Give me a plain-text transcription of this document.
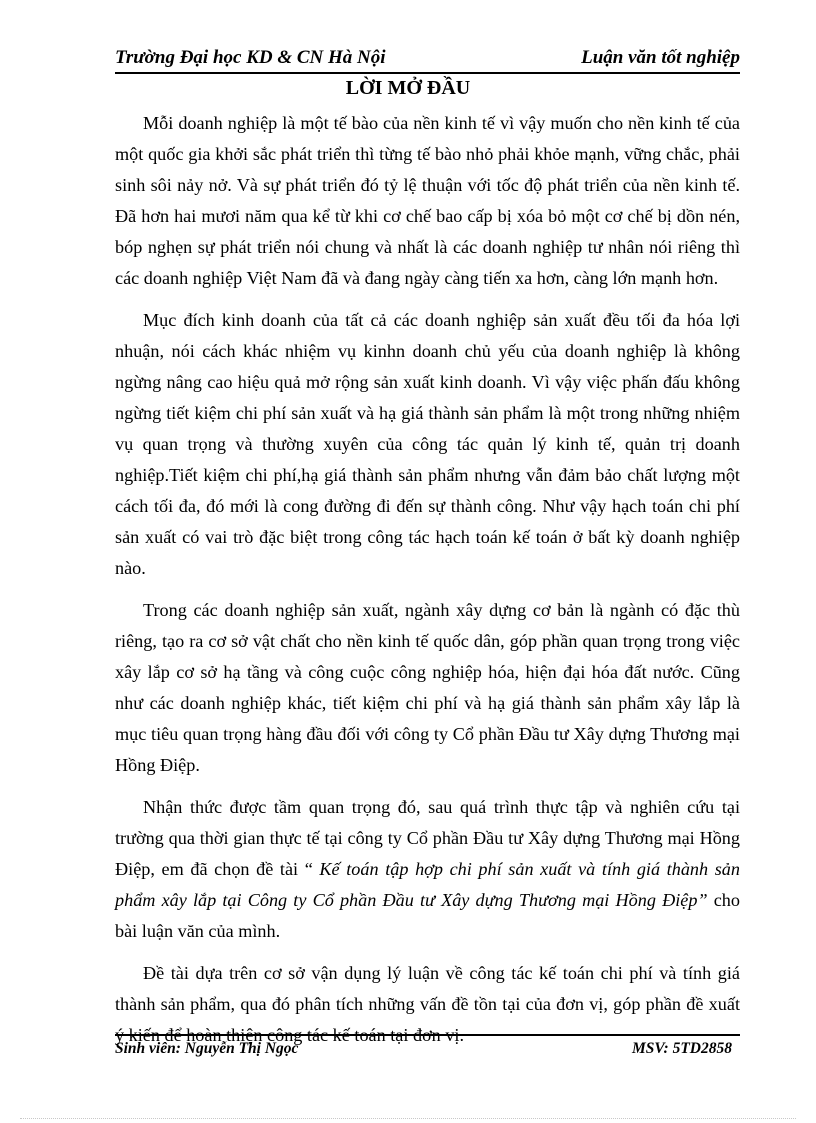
Trường Đại học KD & CN Hà Nội	Luận văn tốt nghiệp
LỜI MỞ ĐẦU

Mỗi doanh nghiệp là một tế bào của nền kinh tế vì vậy muốn cho nền kinh tế của một quốc gia khởi sắc phát triển thì từng tế bào nhỏ phải khỏe mạnh, vững chắc, phải sinh sôi nảy nở. Và sự phát triển đó tỷ lệ thuận với tốc độ phát triển của nền kinh tế. Đã hơn hai mươi năm qua kể từ khi cơ chế bao cấp bị xóa bỏ một cơ chế bị dồn nén, bóp nghẹn sự phát triển nói chung và nhất là các doanh nghiệp tư nhân nói riêng thì các doanh nghiệp Việt Nam đã và đang ngày càng tiến xa hơn, càng lớn mạnh hơn.

Mục đích kinh doanh của tất cả các doanh nghiệp sản xuất đều tối đa hóa lợi nhuận, nói cách khác nhiệm vụ kinhn doanh chủ yếu của doanh nghiệp là không ngừng nâng cao hiệu quả mở rộng sản xuất kinh doanh. Vì vậy việc phấn đấu không ngừng tiết kiệm chi phí sản xuất và hạ giá thành sản phẩm là một trong những nhiệm vụ quan trọng và thường xuyên của công tác quản lý kinh tế, quản trị doanh nghiệp.Tiết kiệm chi phí,hạ giá thành sản phẩm nhưng vẫn đảm bảo chất lượng một cách tối đa, đó mới là cong đường đi đến sự thành công. Như vậy hạch toán chi phí sản xuất có vai trò đặc biệt trong công tác hạch toán kế toán ở bất kỳ doanh nghiệp nào.

Trong các doanh nghiệp sản xuất, ngành xây dựng cơ bản là ngành có đặc thù riêng, tạo ra cơ sở vật chất cho nền kinh tế quốc dân, góp phần quan trọng trong việc xây lắp cơ sở hạ tầng và công cuộc công nghiệp hóa, hiện đại hóa đất nước. Cũng như các doanh nghiệp khác, tiết kiệm chi phí và hạ giá thành sản phẩm xây lắp là mục tiêu quan trọng hàng đầu đối với công ty Cổ phần Đầu tư Xây dựng Thương mại Hồng Điệp.

Nhận thức được tầm quan trọng đó, sau quá trình thực tập và nghiên cứu tại trường qua thời gian thực tế tại công ty Cổ phần Đầu tư Xây dựng Thương mại Hồng Điệp, em đã chọn đề tài “ Kế toán tập hợp chi phí sản xuất và tính giá thành sản phẩm xây lắp tại Công ty Cổ phần Đầu tư Xây dựng Thương mại Hồng Điệp” cho bài luận văn của mình.

Đề tài dựa trên cơ sở vận dụng lý luận về công tác kế toán chi phí và tính giá thành sản phẩm, qua đó phân tích những vấn đề tồn tại của đơn vị, góp phần đề xuất ý kiến để hoàn thiện công tác kế toán tại đơn vị.

Sinh viên: Nguyễn Thị Ngọc	MSV: 5TD2858
